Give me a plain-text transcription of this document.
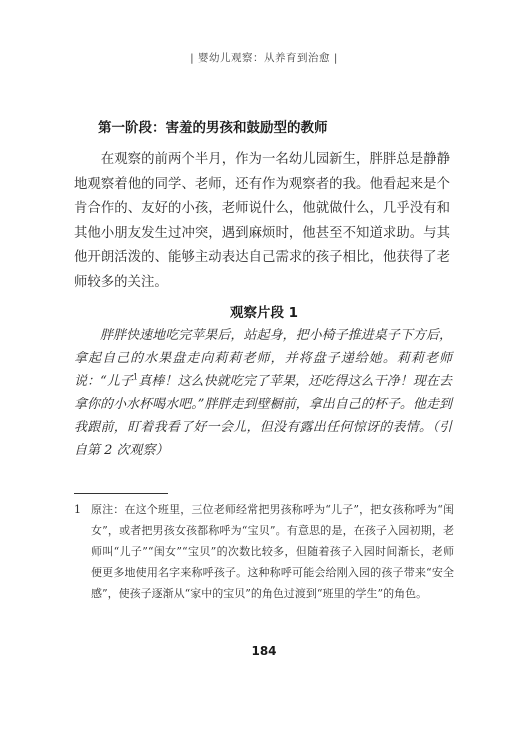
| 婴幼儿观察：从养育到治愈 |
第一阶段：害羞的男孩和鼓励型的教师

在观察的前两个半月，作为一名幼儿园新生，胖胖总是静静地观察着他的同学、老师，还有作为观察者的我。他看起来是个肯合作的、友好的小孩，老师说什么，他就做什么，几乎没有和其他小朋友发生过冲突，遇到麻烦时，他甚至不知道求助。与其他开朗活泼的、能够主动表达自己需求的孩子相比，他获得了老师较多的关注。

观察片段 1

胖胖快速地吃完苹果后，站起身，把小椅子推进桌子下方后，拿起自己的水果盘走向莉莉老师，并将盘子递给她。莉莉老师说：“儿子$^1$真棒！这么快就吃完了苹果，还吃得这么干净！现在去拿你的小水杯喝水吧。”胖胖走到壁橱前，拿出自己的杯子。他走到我跟前，盯着我看了好一会儿，但没有露出任何惊讶的表情。（引自第 2 次观察）

1 原注：在这个班里，三位老师经常把男孩称呼为“儿子”，把女孩称呼为“闺女”，或者把男孩女孩都称呼为“宝贝”。有意思的是，在孩子入园初期，老师叫“儿子”“闺女”“宝贝”的次数比较多，但随着孩子入园时间渐长，老师便更多地使用名字来称呼孩子。这种称呼可能会给刚入园的孩子带来“安全感”，使孩子逐渐从“家中的宝贝”的角色过渡到“班里的学生”的角色。
184
